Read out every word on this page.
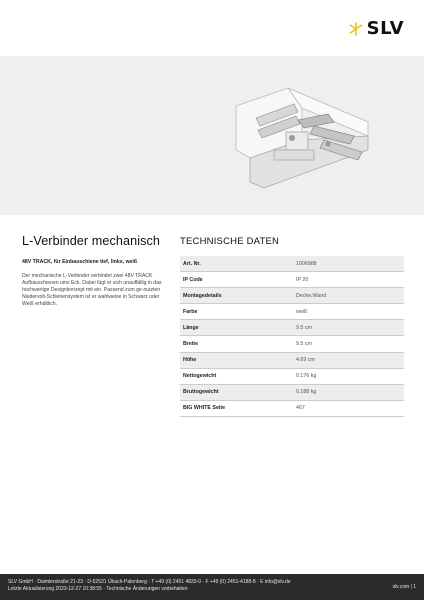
SLV
L-Verbinder mechanisch
48V TRACK, für Einbauschiene tief, links, weiß

Der mechanische L-Verbinder verbindet zwei 48V TRACK Aufbauschienen ums Eck. Dabei fügt er sich unauffällig in das hochwertige Designkonzept mit ein. Passend zum ge-nutzten Niedervolt-Schienensystem ist er wahlweise in Schwarz oder Weiß erhältlich.

TECHNISCHE DATEN
Art. Nr.	1006988
IP Code	IP 20
Montagedetails	Decke,Wand
Farbe	weiß
Länge	9.5 cm
Breite	9.5 cm
Höhe	4.69 cm
Nettogewicht	0.176 kg
Bruttogewicht	0.188 kg
BIG WHITE Seite	467
SLV GmbH · Daimlerstraße 21-23 · D-52531 Übach-Palenberg · T +49 (0) 2451 4833-0 · F +49 (0) 2451-4188-8 · E info@slv.de
Letzte Aktualisierung 2023-12-27 10:38:55 · Technische Änderungen vorbehalten	slv.com | 1
